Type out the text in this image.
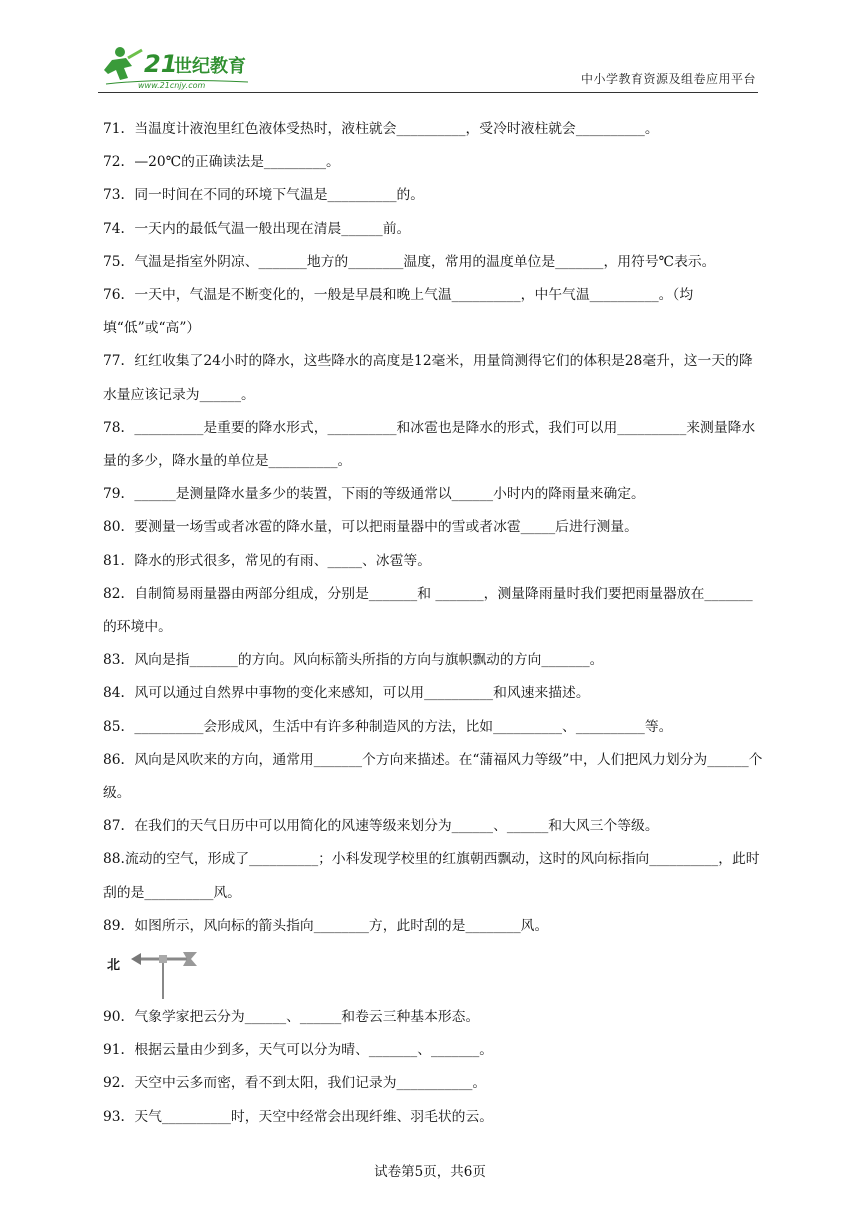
21
世纪教育
www.21cnjy.com	中小学教育资源及组卷应用平台

71．当温度计液泡里红色液体受热时，液柱就会__________，受冷时液柱就会__________。

72．—20℃的正确读法是_________。

73．同一时间在不同的环境下气温是__________的。

74．一天内的最低气温一般出现在清晨______前。

75．气温是指室外阴凉、_______地方的________温度，常用的温度单位是_______，用符号℃表示。

76．一天中，气温是不断变化的，一般是早晨和晚上气温__________，中午气温__________。（均填“低”或“高”）

77．红红收集了24小时的降水，这些降水的高度是12毫米，用量筒测得它们的体积是28毫升，这一天的降水量应该记录为______。

78．__________是重要的降水形式，__________和冰雹也是降水的形式，我们可以用__________来测量降水量的多少，降水量的单位是__________。

79．______是测量降水量多少的装置，下雨的等级通常以______小时内的降雨量来确定。

80．要测量一场雪或者冰雹的降水量，可以把雨量器中的雪或者冰雹_____后进行测量。

81．降水的形式很多，常见的有雨、_____、冰雹等。

82．自制简易雨量器由两部分组成，分别是_______和 _______，测量降雨量时我们要把雨量器放在_______的环境中。

83．风向是指_______的方向。风向标箭头所指的方向与旗帜飘动的方向_______。

84．风可以通过自然界中事物的变化来感知，可以用__________和风速来描述。

85．__________会形成风，生活中有许多种制造风的方法，比如__________、__________等。

86．风向是风吹来的方向，通常用_______个方向来描述。在“蒲福风力等级”中，人们把风力划分为______个级。

87．在我们的天气日历中可以用简化的风速等级来划分为______、______和大风三个等级。

88.流动的空气，形成了__________；小科发现学校里的红旗朝西飘动，这时的风向标指向__________，此时刮的是__________风。

89．如图所示，风向标的箭头指向________方，此时刮的是________风。

北

90．气象学家把云分为______、______和卷云三种基本形态。

91．根据云量由少到多，天气可以分为晴、_______、_______。

92．天空中云多而密，看不到太阳，我们记录为___________。

93．天气__________时，天空中经常会出现纤维、羽毛状的云。

试卷第5页，共6页
